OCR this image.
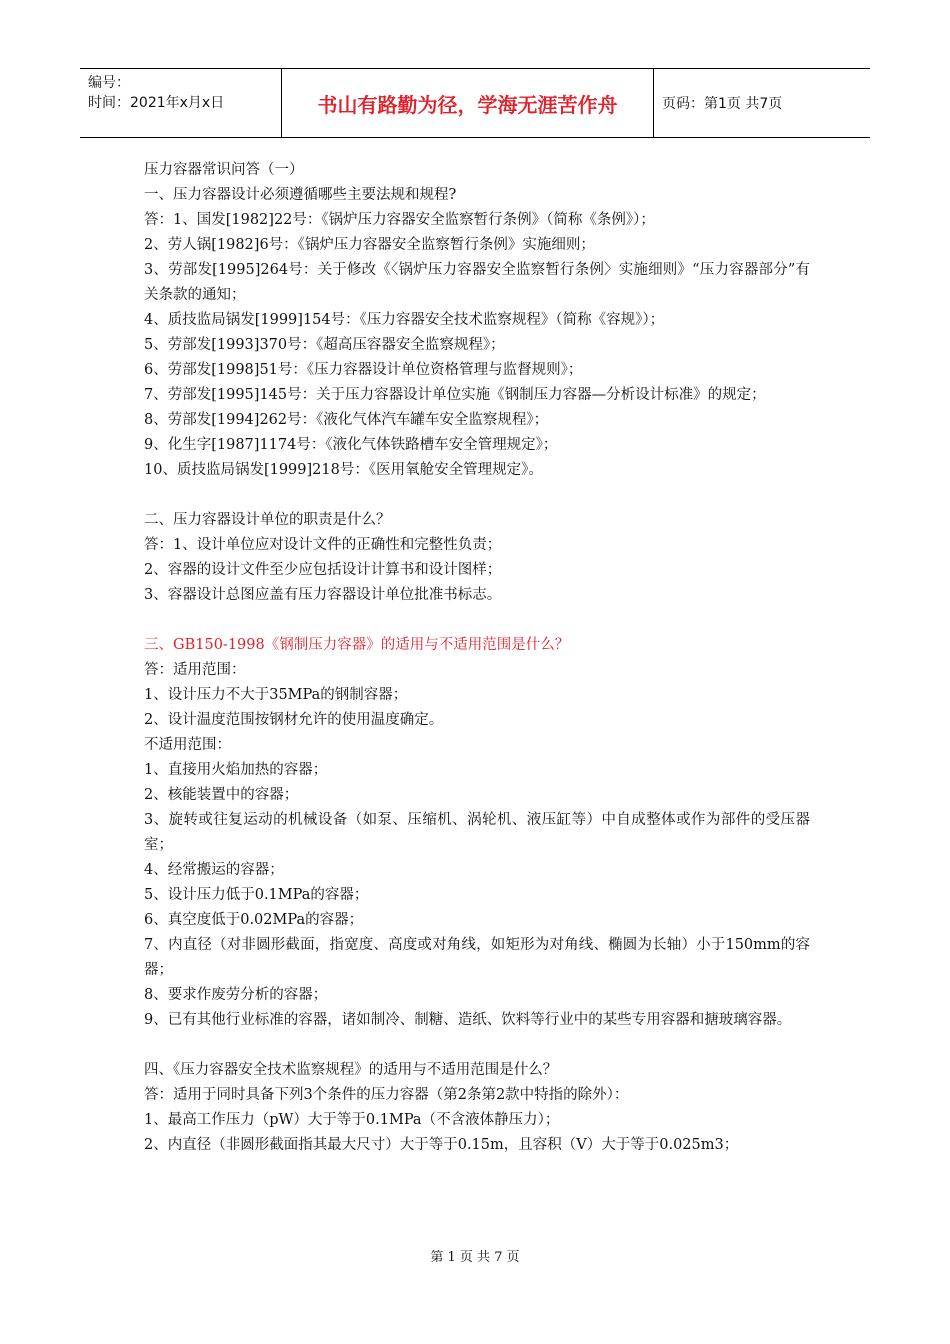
编号：
时间：2021年x月x日	书山有路勤为径，学海无涯苦作舟	页码：第1页 共7页

压力容器常识问答（一）

一、压力容器设计必须遵循哪些主要法规和规程?

答：1、国发[1982]22号：《锅炉压力容器安全监察暂行条例》（简称《条例》）；

2、劳人锅[1982]6号：《锅炉压力容器安全监察暂行条例》实施细则；

3、劳部发[1995]264号：关于修改《〈锅炉压力容器安全监察暂行条例〉实施细则》“压力容器部分”有关条款的通知；

4、质技监局锅发[1999]154号：《压力容器安全技术监察规程》（简称《容规》）；

5、劳部发[1993]370号：《超高压容器安全监察规程》；

6、劳部发[1998]51号：《压力容器设计单位资格管理与监督规则》；

7、劳部发[1995]145号：关于压力容器设计单位实施《钢制压力容器—分析设计标准》的规定；

8、劳部发[1994]262号：《液化气体汽车罐车安全监察规程》；

9、化生字[1987]1174号：《液化气体铁路槽车安全管理规定》；

10、质技监局锅发[1999]218号：《医用氧舱安全管理规定》。

二、压力容器设计单位的职责是什么？

答：1、设计单位应对设计文件的正确性和完整性负责；

2、容器的设计文件至少应包括设计计算书和设计图样；

3、容器设计总图应盖有压力容器设计单位批准书标志。

三、GB150-1998《钢制压力容器》的适用与不适用范围是什么？

答：适用范围：

1、设计压力不大于35MPa的钢制容器；

2、设计温度范围按钢材允许的使用温度确定。

不适用范围：

1、直接用火焰加热的容器；

2、核能装置中的容器；

3、旋转或往复运动的机械设备（如泵、压缩机、涡轮机、液压缸等）中自成整体或作为部件的受压器室；

4、经常搬运的容器；

5、设计压力低于0.1MPa的容器；

6、真空度低于0.02MPa的容器；

7、内直径（对非圆形截面，指宽度、高度或对角线，如矩形为对角线、椭圆为长轴）小于150mm的容器；

8、要求作废劳分析的容器；

9、已有其他行业标准的容器，诸如制冷、制糖、造纸、饮料等行业中的某些专用容器和搪玻璃容器。

四、《压力容器安全技术监察规程》的适用与不适用范围是什么？

答：适用于同时具备下列3个条件的压力容器（第2条第2款中特指的除外）：

1、最高工作压力（pW）大于等于0.1MPa（不含液体静压力）；

2、内直径（非圆形截面指其最大尺寸）大于等于0.15m，且容积（V）大于等于0.025m3；

第 1 页 共 7 页
